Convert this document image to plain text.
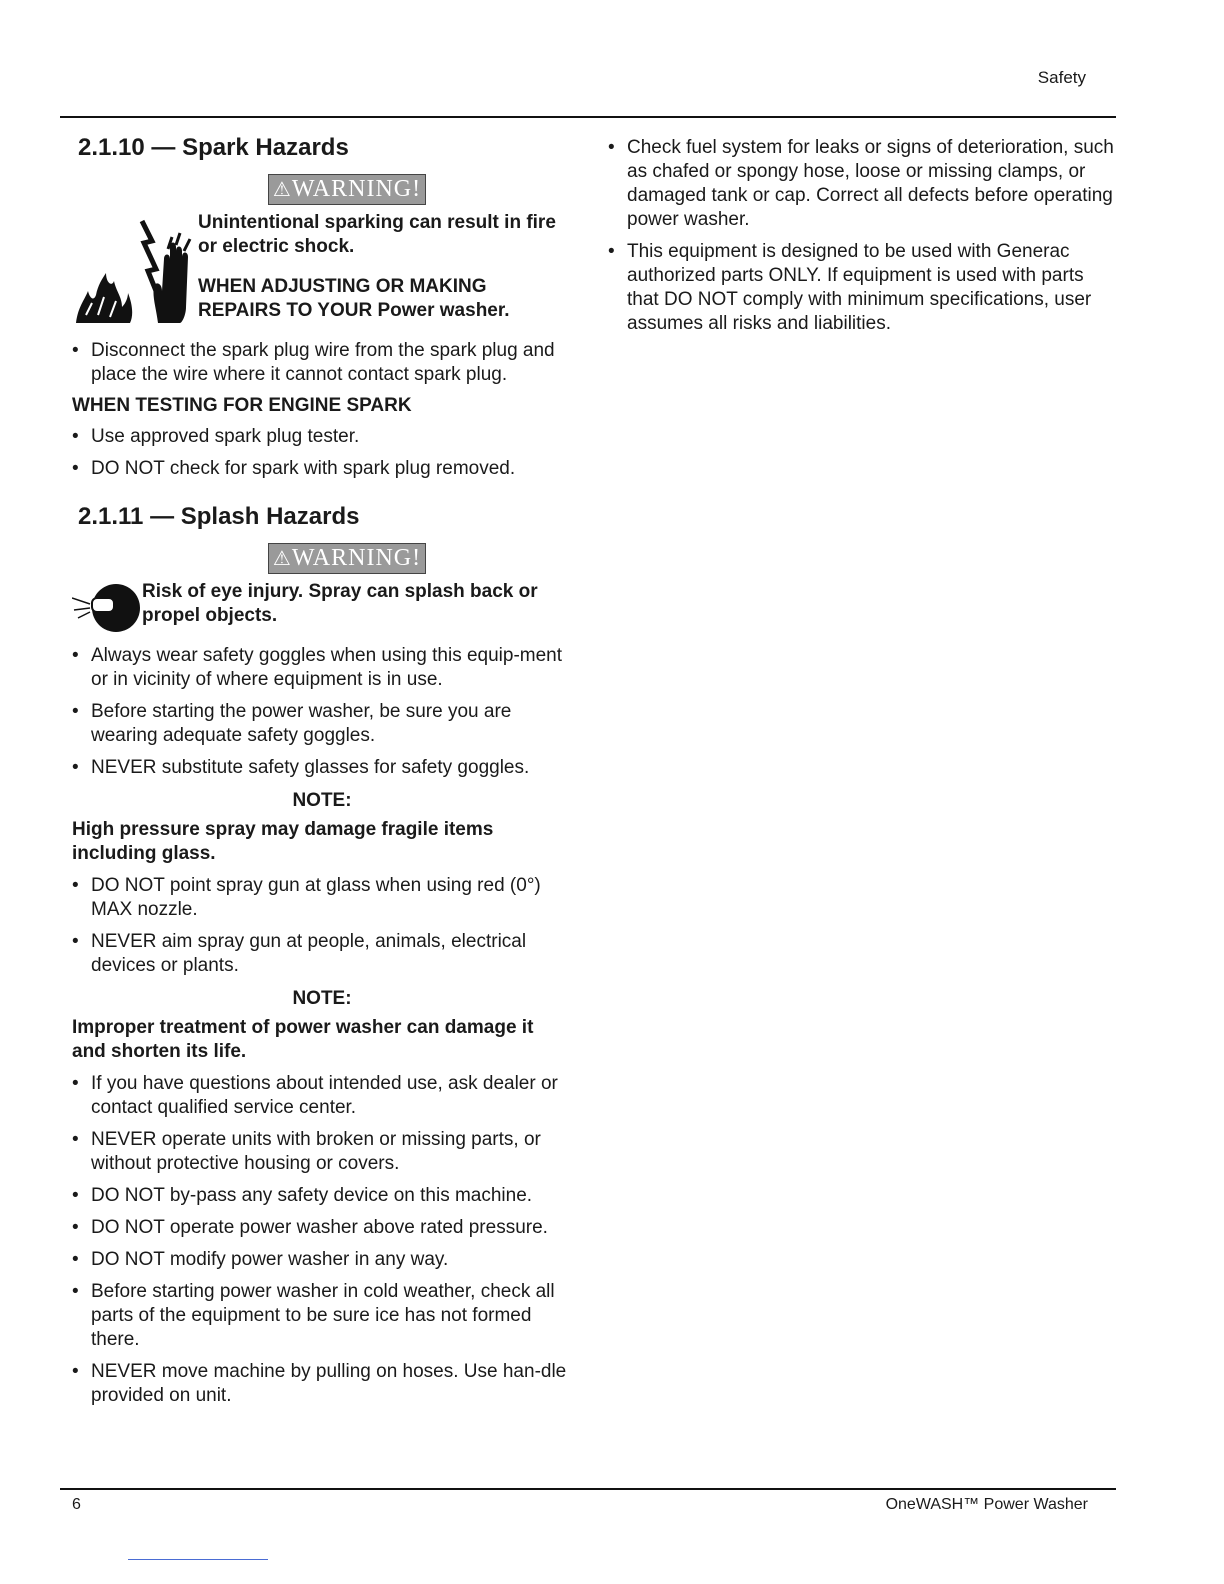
Safety
2.1.10 — Spark Hazards
⚠WARNING!

Unintentional sparking can result in fire or electric shock.

WHEN ADJUSTING OR MAKING REPAIRS TO YOUR Power washer.

• Disconnect the spark plug wire from the spark plug and place the wire where it cannot contact spark plug.
WHEN TESTING FOR ENGINE SPARK
• Use approved spark plug tester.
• DO NOT check for spark with spark plug removed.
2.1.11 — Splash Hazards
⚠WARNING!
Risk of eye injury. Spray can splash back or propel objects.
• Always wear safety goggles when using this equip-ment or in vicinity of where equipment is in use.
• Before starting the power washer, be sure you are wearing adequate safety goggles.
• NEVER substitute safety glasses for safety goggles.
NOTE:
High pressure spray may damage fragile items including glass.
• DO NOT point spray gun at glass when using red (0°) MAX nozzle.
• NEVER aim spray gun at people, animals, electrical devices or plants.
NOTE:
Improper treatment of power washer can damage it and shorten its life.
• If you have questions about intended use, ask dealer or contact qualified service center.
• NEVER operate units with broken or missing parts, or without protective housing or covers.
• DO NOT by-pass any safety device on this machine.
• DO NOT operate power washer above rated pressure.
• DO NOT modify power washer in any way.
• Before starting power washer in cold weather, check all parts of the equipment to be sure ice has not formed there.
• NEVER move machine by pulling on hoses. Use han-dle provided on unit.
• Check fuel system for leaks or signs of deterioration, such as chafed or spongy hose, loose or missing clamps, or damaged tank or cap. Correct all defects before operating power washer.
• This equipment is designed to be used with Generac authorized parts ONLY. If equipment is used with parts that DO NOT comply with minimum specifications, user assumes all risks and liabilities.
6	OneWASH™ Power Washer
